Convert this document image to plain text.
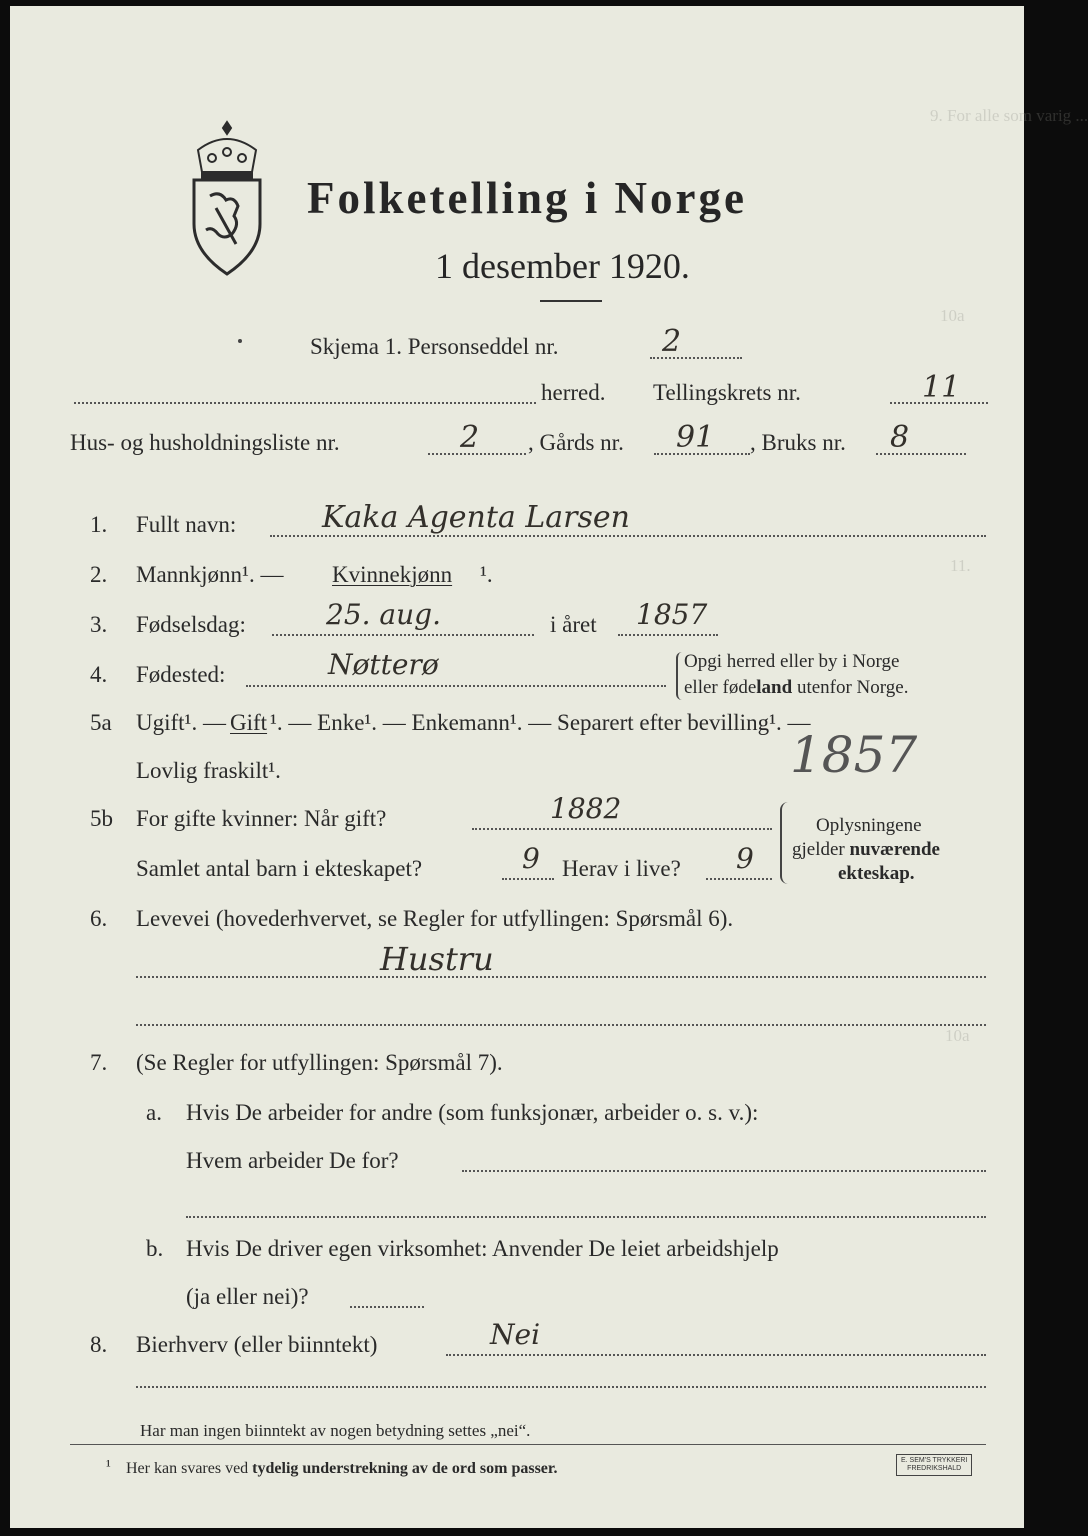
9. For alle som varig ...
10a
11.
10a
Folketelling i Norge
1 desember 1920.
Skjema 1. Personseddel nr.	2
herred. Tellingskrets nr.	11
Hus- og husholdningsliste nr.	2 , Gårds nr. 91 , Bruks nr. 8
1. Fullt navn:	Kaka Agenta Larsen
2. Mannkjønn¹. — Kvinnekjønn ¹.
3. Fødselsdag:	25. aug.	i året 1857
4. Fødested:	Nøtterø	Opgi herred eller by i Norge
eller fødeland utenfor Norge.
5a Ugift¹. — Gift ¹. — Enke¹. — Enkemann¹. — Separert efter bevilling¹. —
Lovlig fraskilt¹.	1857
5b For gifte kvinner: Når gift?	1882
Samlet antal barn i ekteskapet?	9 Herav i live? 9
Oplysningene
gjelder nuværende
ekteskap.
6. Levevei (hovederhvervet, se Regler for utfyllingen: Spørsmål 6).
Hustru
7. (Se Regler for utfyllingen: Spørsmål 7).
a. Hvis De arbeider for andre (som funksjonær, arbeider o. s. v.):
Hvem arbeider De for?
b. Hvis De driver egen virksomhet: Anvender De leiet arbeidshjelp
(ja eller nei)?
8. Bierhverv (eller biinntekt)	Nei
Har man ingen biinntekt av nogen betydning settes „nei“.
¹ Her kan svares ved tydelig understrekning av de ord som passer.	E. SEM'S TRYKKERI
FREDRIKSHALD
